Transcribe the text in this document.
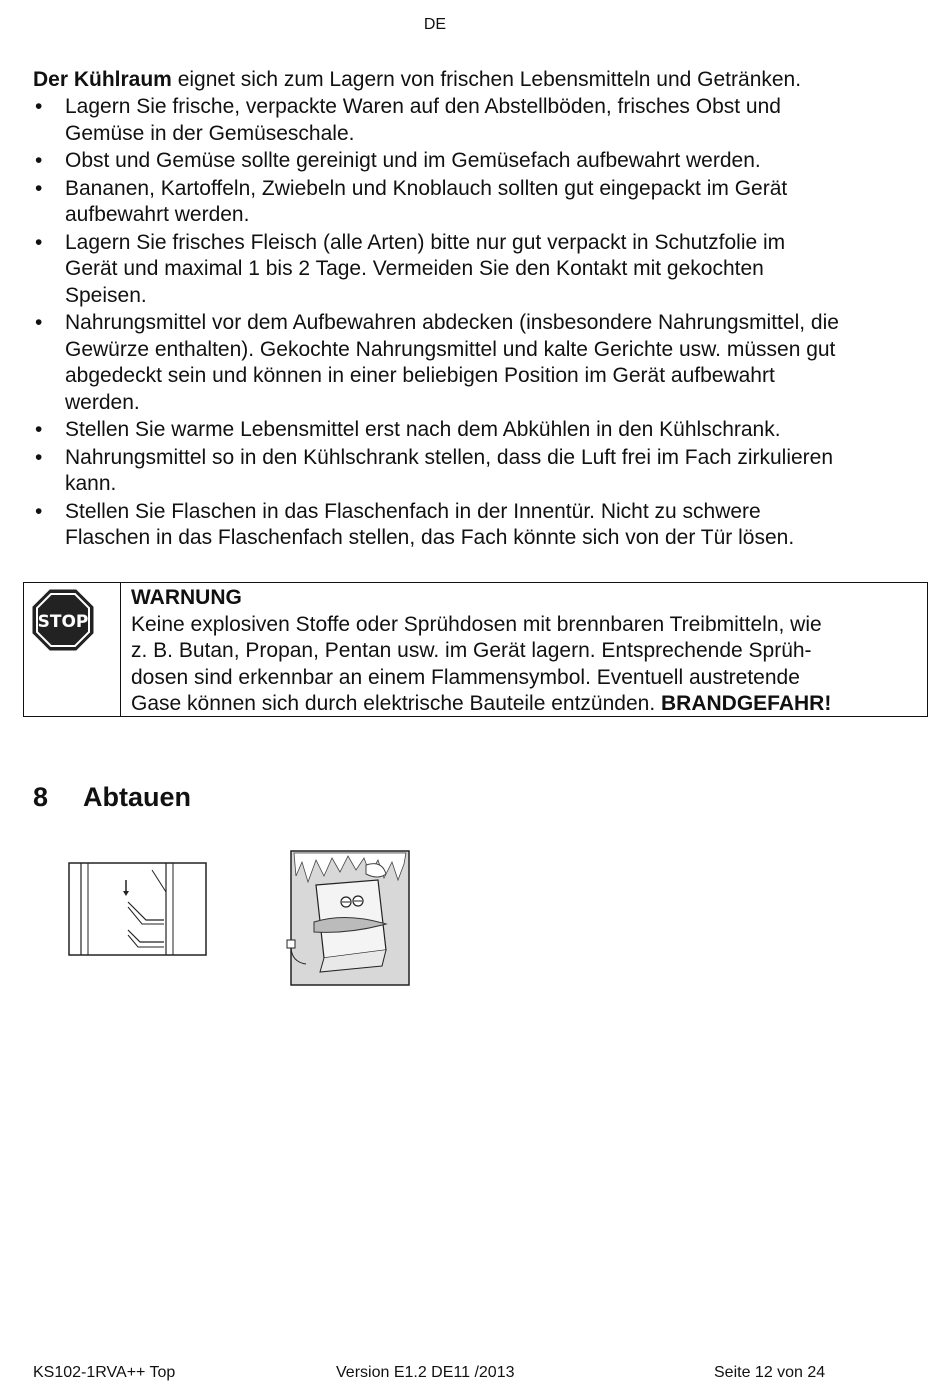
DE
Der Kühlraum eignet sich zum Lagern von frischen Lebensmitteln und Getränken.
• Lagern Sie frische, verpackte Waren auf den Abstellböden, frisches Obst und
Gemüse in der Gemüseschale.
• Obst und Gemüse sollte gereinigt und im Gemüsefach aufbewahrt werden.
• Bananen, Kartoffeln, Zwiebeln und Knoblauch sollten gut eingepackt im Gerät
aufbewahrt werden.
• Lagern Sie frisches Fleisch (alle Arten) bitte nur gut verpackt in Schutzfolie im
Gerät und maximal 1 bis 2 Tage. Vermeiden Sie den Kontakt mit gekochten
Speisen.
• Nahrungsmittel vor dem Aufbewahren abdecken (insbesondere Nahrungsmittel, die
Gewürze enthalten). Gekochte Nahrungsmittel und kalte Gerichte usw. müssen gut
abgedeckt sein und können in einer beliebigen Position im Gerät aufbewahrt
werden.
• Stellen Sie warme Lebensmittel erst nach dem Abkühlen in den Kühlschrank.
• Nahrungsmittel so in den Kühlschrank stellen, dass die Luft frei im Fach zirkulieren
kann.
• Stellen Sie Flaschen in das Flaschenfach in der Innentür. Nicht zu schwere
Flaschen in das Flaschenfach stellen, das Fach könnte sich von der Tür lösen.
STOP
WARNUNG
Keine explosiven Stoffe oder Sprühdosen mit brennbaren Treibmitteln, wie
z. B. Butan, Propan, Pentan usw. im Gerät lagern. Entsprechende Sprüh-
dosen sind erkennbar an einem Flammensymbol. Eventuell austretende
Gase können sich durch elektrische Bauteile entzünden. BRANDGEFAHR!
8 Abtauen
KS102-1RVA++ Top	Version E1.2 DE11 /2013	Seite 12 von 24
